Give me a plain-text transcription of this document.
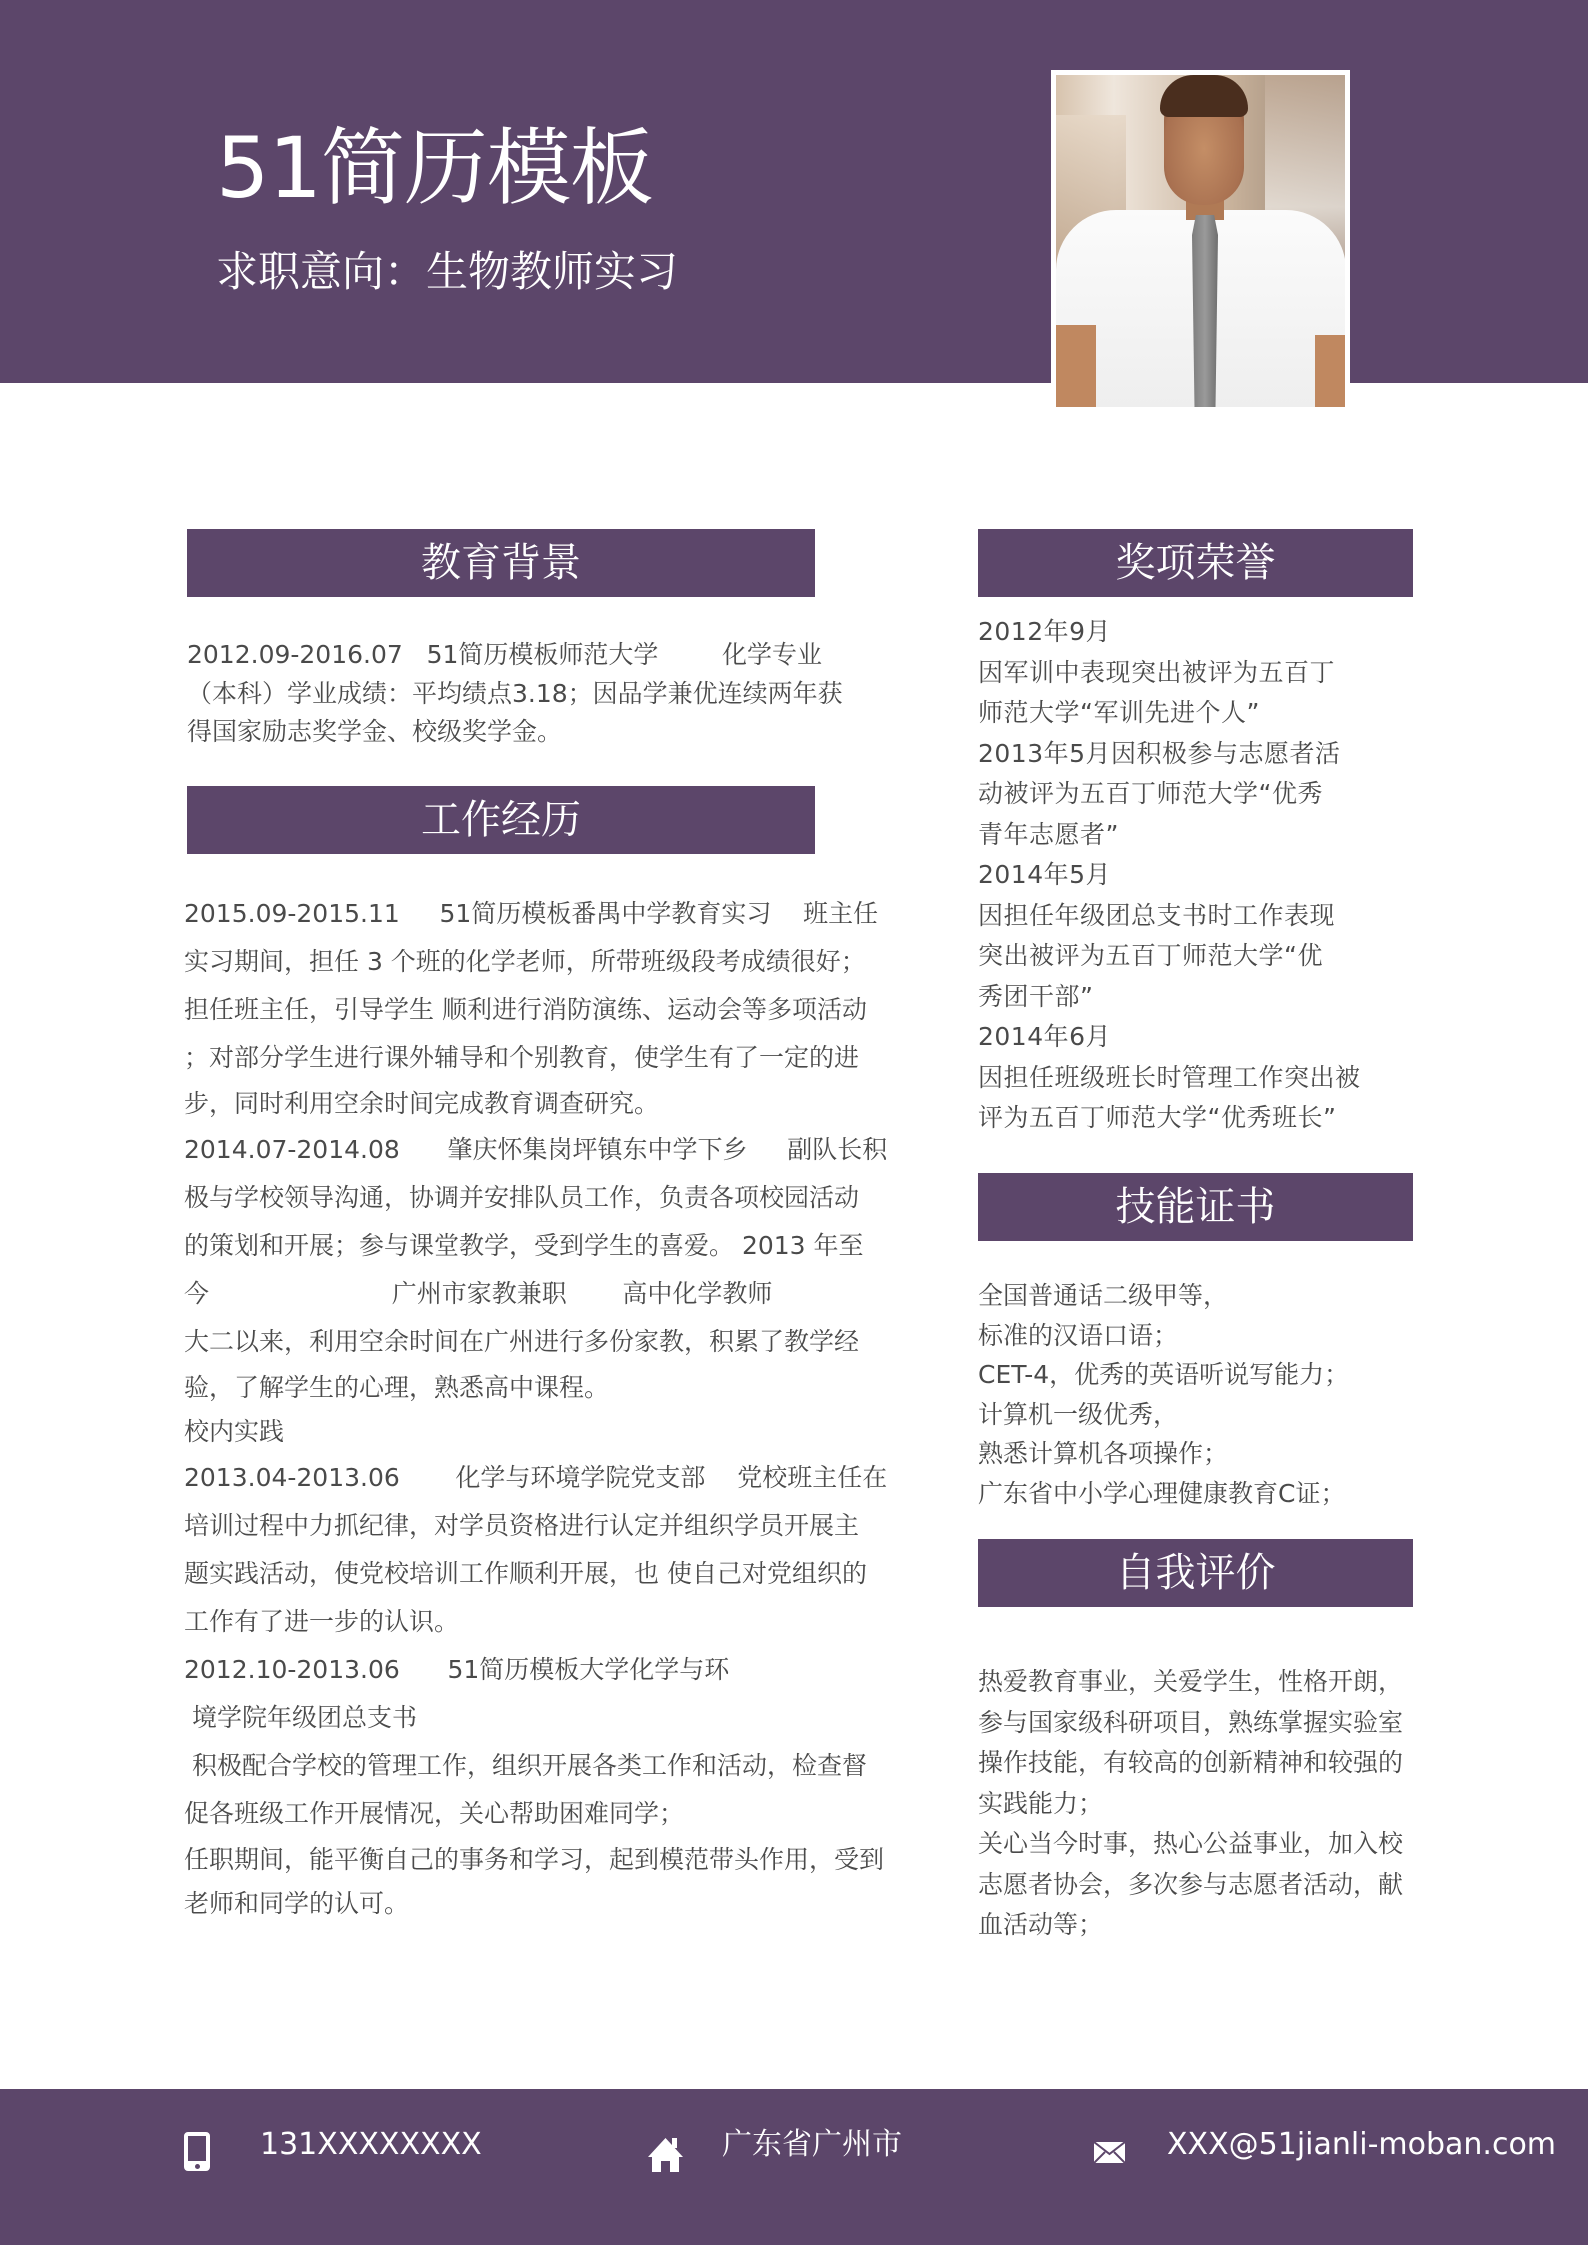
51简历模板
求职意向：生物教师实习
教育背景
2012.09-2016.07   51简历模板师范大学        化学专业
（本科）学业成绩：平均绩点3.18；因品学兼优连续两年获
得国家励志奖学金、校级奖学金。
工作经历
2015.09-2015.11     51简历模板番禺中学教育实习    班主任
实习期间，担任 3 个班的化学老师，所带班级段考成绩很好；
担任班主任，引导学生 顺利进行消防演练、运动会等多项活动
；对部分学生进行课外辅导和个别教育，使学生有了一定的进
步，同时利用空余时间完成教育调查研究。
2014.07-2014.08      肇庆怀集岗坪镇东中学下乡     副队长积
极与学校领导沟通，协调并安排队员工作，负责各项校园活动
的策划和开展；参与课堂教学，受到学生的喜爱。 2013 年至
今                       广州市家教兼职       高中化学教师
大二以来，利用空余时间在广州进行多份家教，积累了教学经
验，了解学生的心理，熟悉高中课程。
校内实践
2013.04-2013.06       化学与环境学院党支部    党校班主任在
培训过程中力抓纪律，对学员资格进行认定并组织学员开展主
题实践活动，使党校培训工作顺利开展，也 使自己对党组织的
工作有了进一步的认识。
2012.10-2013.06      51简历模板大学化学与环
境学院年级团总支书
积极配合学校的管理工作，组织开展各类工作和活动，检查督
促各班级工作开展情况，关心帮助困难同学；
任职期间，能平衡自己的事务和学习，起到模范带头作用，受到
老师和同学的认可。
奖项荣誉
2012年9月
因军训中表现突出被评为五百丁
师范大学“军训先进个人”
2013年5月因积极参与志愿者活
动被评为五百丁师范大学“优秀
青年志愿者”
2014年5月
因担任年级团总支书时工作表现
突出被评为五百丁师范大学“优
秀团干部”
2014年6月
因担任班级班长时管理工作突出被
评为五百丁师范大学“优秀班长”
技能证书
全国普通话二级甲等，
标准的汉语口语；
CET-4，优秀的英语听说写能力；
计算机一级优秀，
熟悉计算机各项操作；
广东省中小学心理健康教育C证；
自我评价
热爱教育事业，关爱学生，性格开朗，
参与国家级科研项目，熟练掌握实验室
操作技能，有较高的创新精神和较强的
实践能力；
关心当今时事，热心公益事业，加入校
志愿者协会，多次参与志愿者活动，献
血活动等；
131XXXXXXXX	广东省广州市	XXX@51jianli-moban.com
